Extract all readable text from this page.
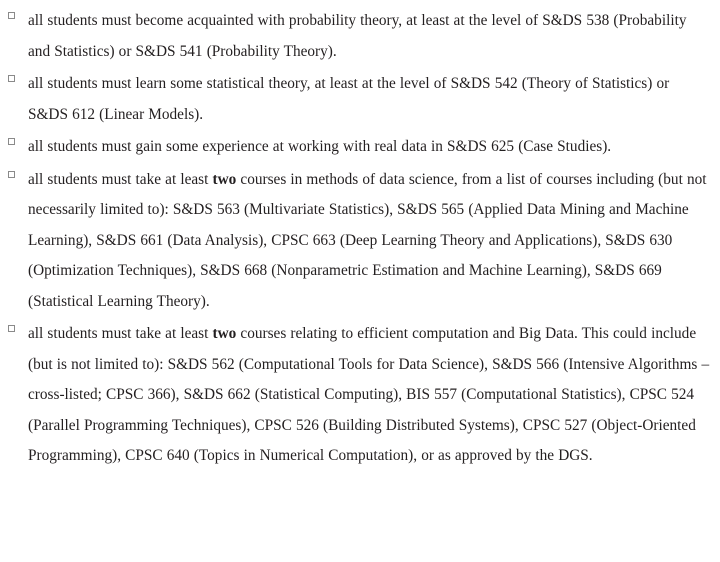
all students must become acquainted with probability theory, at least at the level of S&DS 538 (Probability and Statistics) or S&DS 541 (Probability Theory).
all students must learn some statistical theory, at least at the level of S&DS 542 (Theory of Statistics) or S&DS 612 (Linear Models).
all students must gain some experience at working with real data in S&DS 625 (Case Studies).
all students must take at least two courses in methods of data science, from a list of courses including (but not necessarily limited to): S&DS 563 (Multivariate Statistics), S&DS 565 (Applied Data Mining and Machine Learning), S&DS 661 (Data Analysis), CPSC 663 (Deep Learning Theory and Applications), S&DS 630 (Optimization Techniques), S&DS 668 (Nonparametric Estimation and Machine Learning), S&DS 669 (Statistical Learning Theory).
all students must take at least two courses relating to efficient computation and Big Data. This could include (but is not limited to): S&DS 562 (Computational Tools for Data Science), S&DS 566 (Intensive Algorithms – cross-listed; CPSC 366), S&DS 662 (Statistical Computing), BIS 557 (Computational Statistics), CPSC 524 (Parallel Programming Techniques), CPSC 526 (Building Distributed Systems), CPSC 527 (Object-Oriented Programming), CPSC 640 (Topics in Numerical Computation), or as approved by the DGS.
